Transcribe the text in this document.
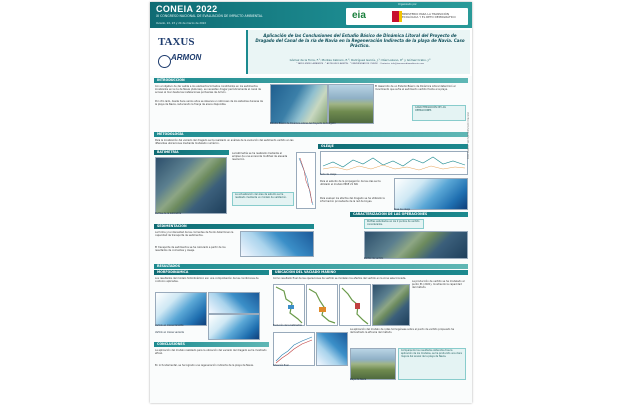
CONEIA 2022
XI CONGRESO NACIONAL DE EVALUACIÓN DE IMPACTO AMBIENTAL
Oviedo, 22, 23 y 24 de marzo de 2022
Organizado por:
eia	MINISTERIO PARA LA TRANSICIÓN ECOLÓGICA Y EL RETO DEMOGRÁFICO
TAXUS
ARMON
Aplicación de las Conclusiones del Estudio Básico de Dinámica Litoral del Proyecto de Dragado del Canal de la ría de Navia en la Regeneración Indirecta de la playa de Navia. Caso Práctico.
Gómez de la Torre, F.¹; Montes Cabrero, E.²; Rodríguez García, J.¹; Díaz Lozano, P.¹ y Gómez Crabo, J.³
¹ TAXUS MEDIO AMBIENTE · ² ASTILLEROS ARMÓN · ³ UNIVERSIDAD DE OVIEDO · Contacto: info@taxusmedioambiente.com
INTRODUCCIÓN
Con el objetivo de dar salida a los elementos tomados constituidos en los sedimentos localizados en la ría de Navia (Asturias), se necesitan dragar periódicamente el canal de acceso al mar desde las instalaciones portuarias de Armón.
Por otro lado, desde hace varios años se observa un retroceso de los sistemas dunares de la playa de Navia, reduciendo la franja de arena disponible.
Estudio Básico de Dinámica Litoral del Proyecto de Dragado
El desarrollo de un Estudio Básico de Dinámica Litoral determinó el movimiento que sufre el sedimento vertido frente a la playa.
CARACTERIZACIÓN DE LAS OPERACIONES
METODOLOGÍA
Para la localización del vaciado del dragado se ha realizado un análisis de la evolución del sedimento vertido en las diferentes ubicaciones mediante modelado numérico.
BATIMETRÍA	La batimetría se ha realizado mediante el empleo de una ecosonda multihaz de elevada resolución.
La actualización del área de estudio se ha realizado mediante un modelo de validación.
Perfiles de la batimetría
OLEAJE
Serie de oleaje
Para el estudio de la propagación de las olas se ha utilizado el modelo MIKE 21 SW.
Para evaluar los efectos del dragado se ha utilizado la información procedente de la red de boyas.
Rosa de oleaje
SEDIMENTACIÓN
La forma y la intensidad de las corrientes de fondo determinan la capacidad de transporte de sedimentos.
El transporte de sedimentos se ha calculado a partir de los resultados de corrientes y oleaje.
CARACTERIZACIÓN DE LAS OPERACIONES
Perfiles estudiados en los 2 puntos de vertido considerados.
Puntos de vertido
RESULTADOS
MORFODINÁMICA
Los resultados del modelo hidrodinámico son una comprobación de las condiciones de contorno aplicadas.
Vertido en marea llenante
Vertido en marea vaciante
UBICACIÓN DEL VACIADO MARINO
Como resultado final de las operaciones de vertido se modelan los efectos del vertido en la zona seleccionada.
Evolución de la batimetría
La producción de vertido se ha modelado al punto P1 (2021), mostrando la capacidad del método.
La aplicación del modelo de rutas homogéneas sobre el punto de vertido propuesto ha demostrado la eficacia del método.
Situación final
CONCLUSIONES
La aplicación del modelo realizado para la ubicación del vaciado del dragado se ha mostrado eficaz.
En lo fundamental, se ha logrado una regeneración indirecta de la playa de Navia.
Playa de Navia
Comparando los resultados obtenidos tras la aplicación de los modelos, se ha producido una clara mejora del arenal de la playa de Navia.
POSTER COMUNICACIÓN DEL CONEIA 2022
